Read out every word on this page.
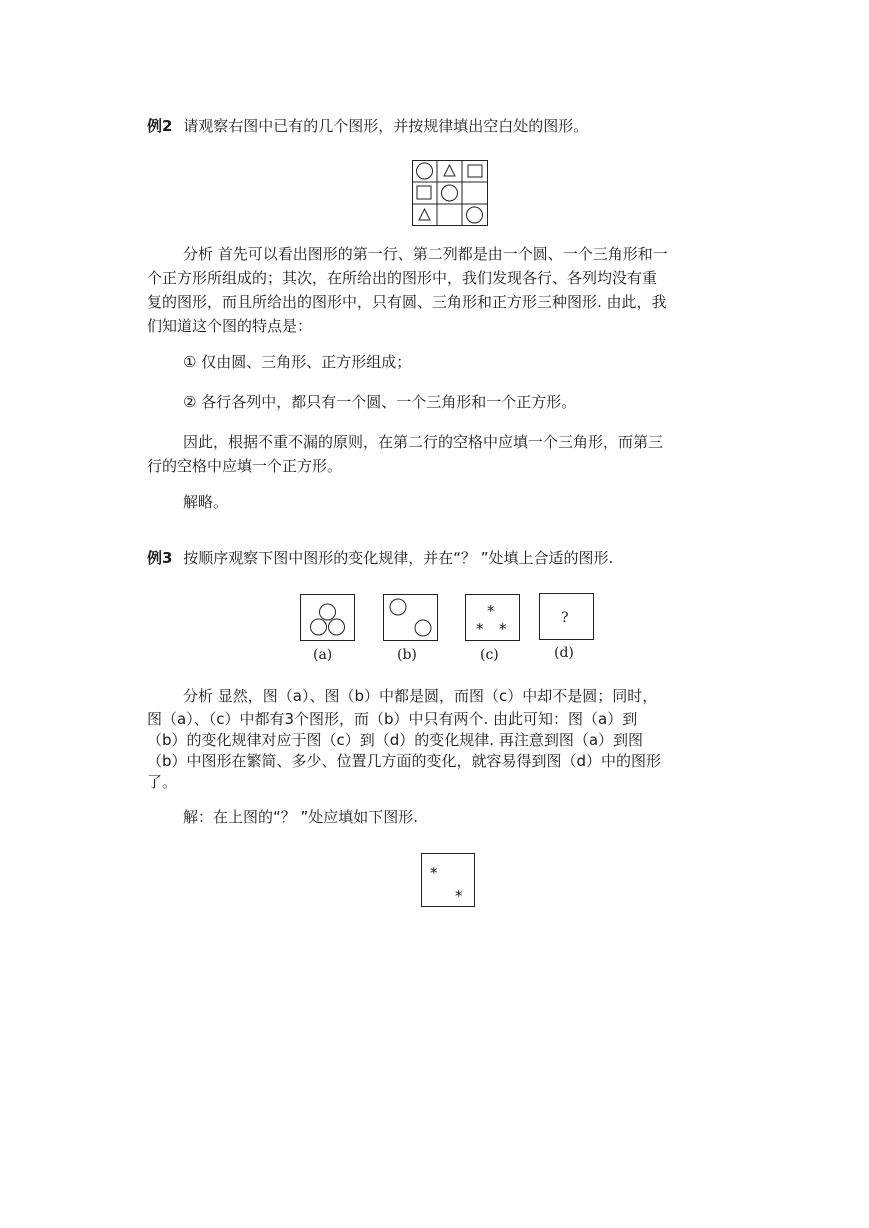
例2 请观察右图中已有的几个图形，并按规律填出空白处的图形。
分析 首先可以看出图形的第一行、第二列都是由一个圆、一个三角形和一
个正方形所组成的；其次，在所给出的图形中，我们发现各行、各列均没有重
复的图形，而且所给出的图形中，只有圆、三角形和正方形三种图形. 由此，我
们知道这个图的特点是：
① 仅由圆、三角形、正方形组成；
② 各行各列中，都只有一个圆、一个三角形和一个正方形。
因此，根据不重不漏的原则，在第二行的空格中应填一个三角形，而第三
行的空格中应填一个正方形。
解略。
例3 按顺序观察下图中图形的变化规律，并在“？ ”处填上合适的图形.
(a)	(b)
*
* *
(c)
?
(d)
分析 显然，图（a）、图（b）中都是圆，而图（c）中却不是圆；同时，
图（a）、（c）中都有3个图形，而（b）中只有两个. 由此可知：图（a）到
（b）的变化规律对应于图（c）到（d）的变化规律. 再注意到图（a）到图
（b）中图形在繁简、多少、位置几方面的变化，就容易得到图（d）中的图形
了。
解：在上图的“？ ”处应填如下图形.
*
*
